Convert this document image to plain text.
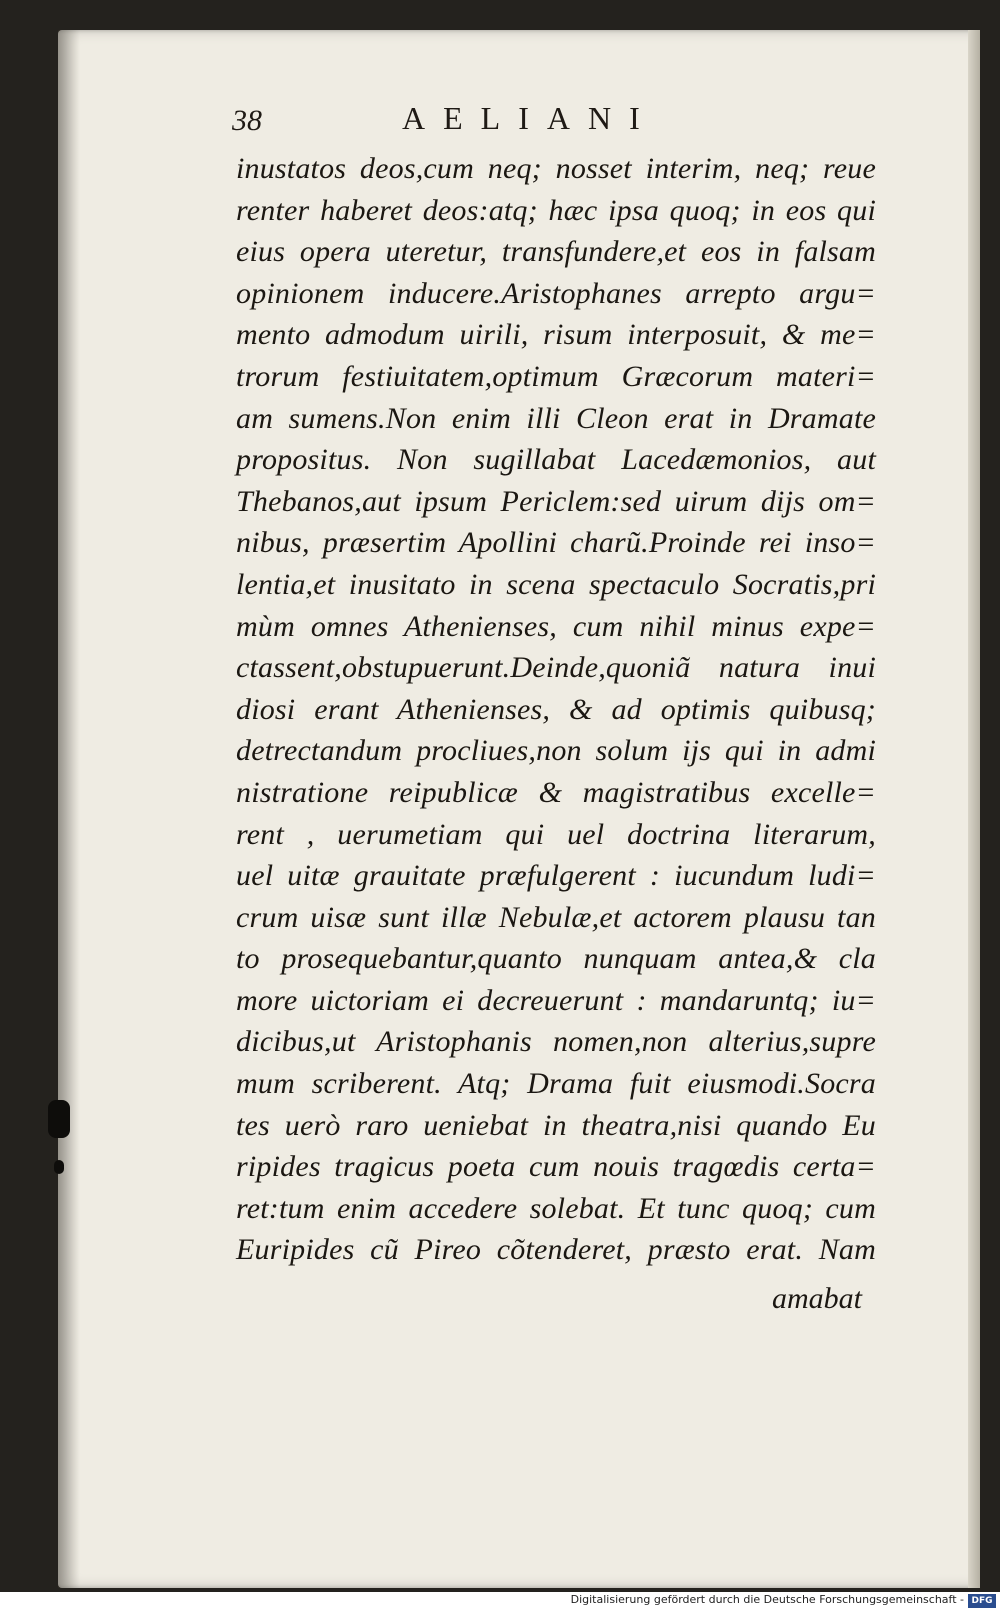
38	AELIANI
inustatos deos,cum neq; nosset interim, neq; reue
renter haberet deos:atq; hæc ipsa quoq; in eos qui
eius opera uteretur, transfundere,et eos in falsam
opinionem inducere.Aristophanes arrepto argu=
mento admodum uirili, risum interposuit, & me=
trorum festiuitatem,optimum Græcorum materi=
am sumens.Non enim illi Cleon erat in Dramate
propositus. Non sugillabat Lacedæmonios, aut
Thebanos,aut ipsum Periclem:sed uirum dijs om=
nibus, præsertim Apollini charũ.Proinde rei inso=
lentia,et inusitato in scena spectaculo Socratis,pri
mùm omnes Athenienses, cum nihil minus expe=
ctassent,obstupuerunt.Deinde,quoniã natura inui
diosi erant Athenienses, & ad optimis quibusq;
detrectandum procliues,non solum ijs qui in admi
nistratione reipublicæ & magistratibus excelle=
rent , uerumetiam qui uel doctrina literarum,
uel uitæ grauitate præfulgerent : iucundum ludi=
crum uisæ sunt illæ Nebulæ,et actorem plausu tan
to prosequebantur,quanto nunquam antea,& cla
more uictoriam ei decreuerunt : mandaruntq; iu=
dicibus,ut Aristophanis nomen,non alterius,supre
mum scriberent. Atq; Drama fuit eiusmodi.Socra
tes uerò raro ueniebat in theatra,nisi quando Eu
ripides tragicus poeta cum nouis tragœdis certa=
ret:tum enim accedere solebat. Et tunc quoq; cum
Euripides cũ Pireo cõtenderet, præsto erat. Nam
amabat
Digitalisierung gefördert durch die Deutsche Forschungsgemeinschaft - DFG
